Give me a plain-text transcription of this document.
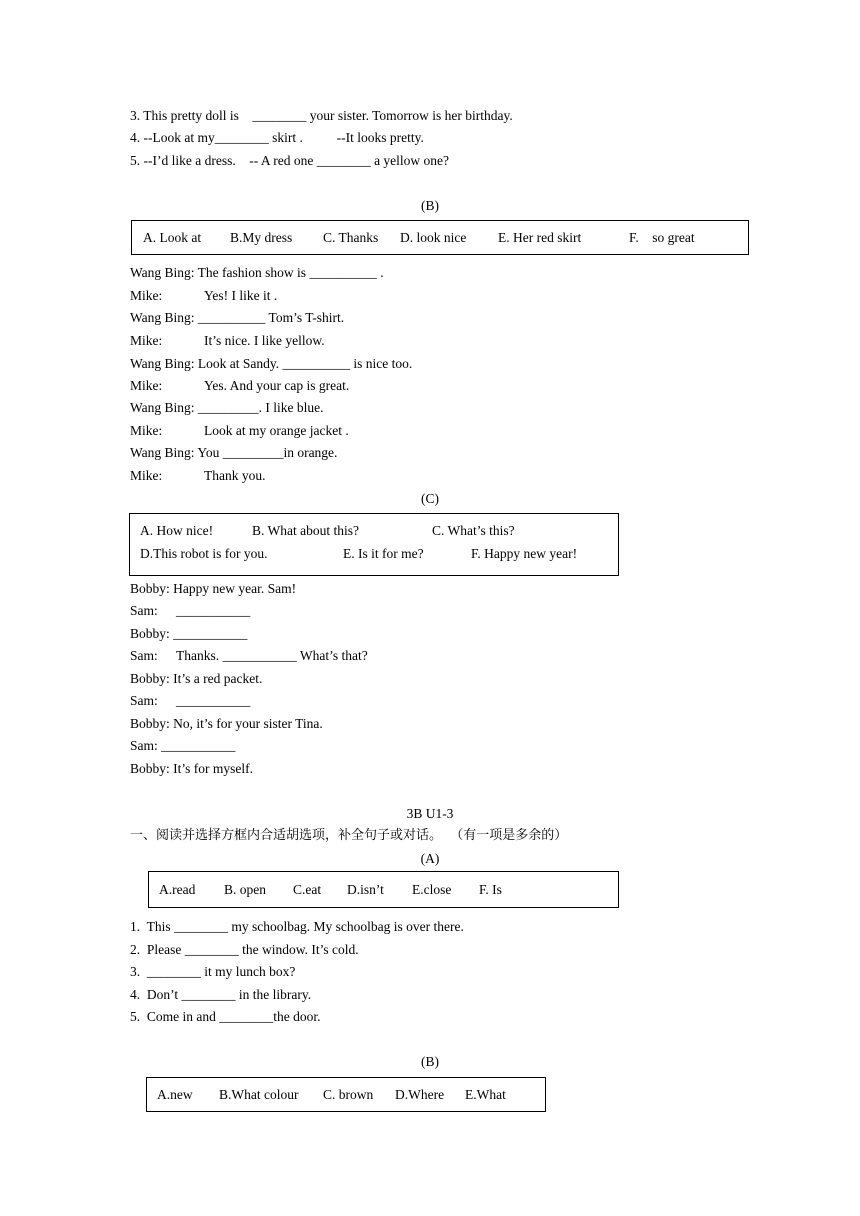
3. This pretty doll is    ________ your sister. Tomorrow is her birthday.
4. --Look at my________ skirt .          --It looks pretty.
5. --I’d like a dress.    -- A red one ________ a yellow one?
(B)
A. Look at B.My dress C. Thanks D. look nice E. Her red skirt	F.    so great
Wang Bing: The fashion show is __________ .
Mike:	Yes! I like it .
Wang Bing: __________ Tom’s T-shirt.
Mike:	It’s nice. I like yellow.
Wang Bing: Look at Sandy. __________ is nice too.
Mike:	Yes. And your cap is great.
Wang Bing: _________. I like blue.
Mike:	Look at my orange jacket .
Wang Bing: You _________in orange.
Mike:	Thank you.
(C)
A. How nice!	B. What about this?	C. What’s this?
D.This robot is for you.	E. Is it for me?	F. Happy new year!
Bobby: Happy new year. Sam!
Sam: ___________
Bobby: ___________
Sam: Thanks. ___________ What’s that?
Bobby: It’s a red packet.
Sam: ___________
Bobby: No, it’s for your sister Tina.
Sam: ___________
Bobby: It’s for myself.
3B U1-3
一、阅读并选择方框内合适胡选项，补全句子或对话。  （有一项是多余的）
(A)
A.read B. open C.eat D.isn’t E.close F. Is
1.  This ________ my schoolbag. My schoolbag is over there.
2.  Please ________ the window. It’s cold.
3.  ________ it my lunch box?
4.  Don’t ________ in the library.
5.  Come in and ________the door.
(B)
A.new B.What colour C. brown D.Where E.What
